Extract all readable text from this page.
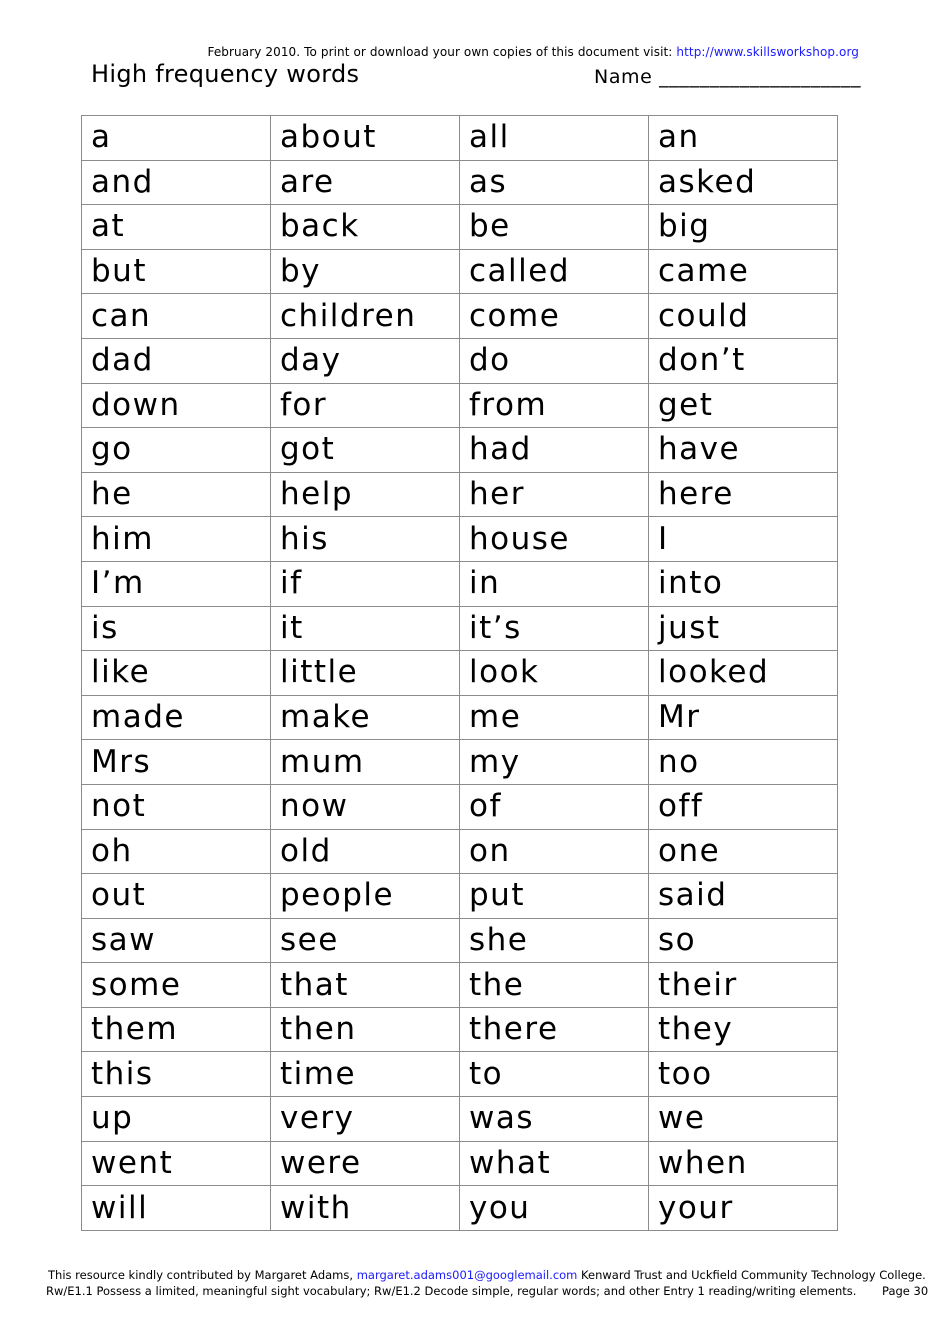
February 2010. To print or download your own copies of this document visit: http://www.skillsworkshop.org
High frequency words	Name ____________________
a	about	all	an
and	are	as	asked
at	back	be	big
but	by	called	came
can	children	come	could
dad	day	do	don’t
down	for	from	get
go	got	had	have
he	help	her	here
him	his	house	I
I’m	if	in	into
is	it	it’s	just
like	little	look	looked
made	make	me	Mr
Mrs	mum	my	no
not	now	of	off
oh	old	on	one
out	people	put	said
saw	see	she	so
some	that	the	their
them	then	there	they
this	time	to	too
up	very	was	we
went	were	what	when
will	with	you	your
This resource kindly contributed by Margaret Adams, margaret.adams001@googlemail.com Kenward Trust and Uckfield Community Technology College.
Rw/E1.1 Possess a limited, meaningful sight vocabulary; Rw/E1.2 Decode simple, regular words; and other Entry 1 reading/writing elements. Page 30
